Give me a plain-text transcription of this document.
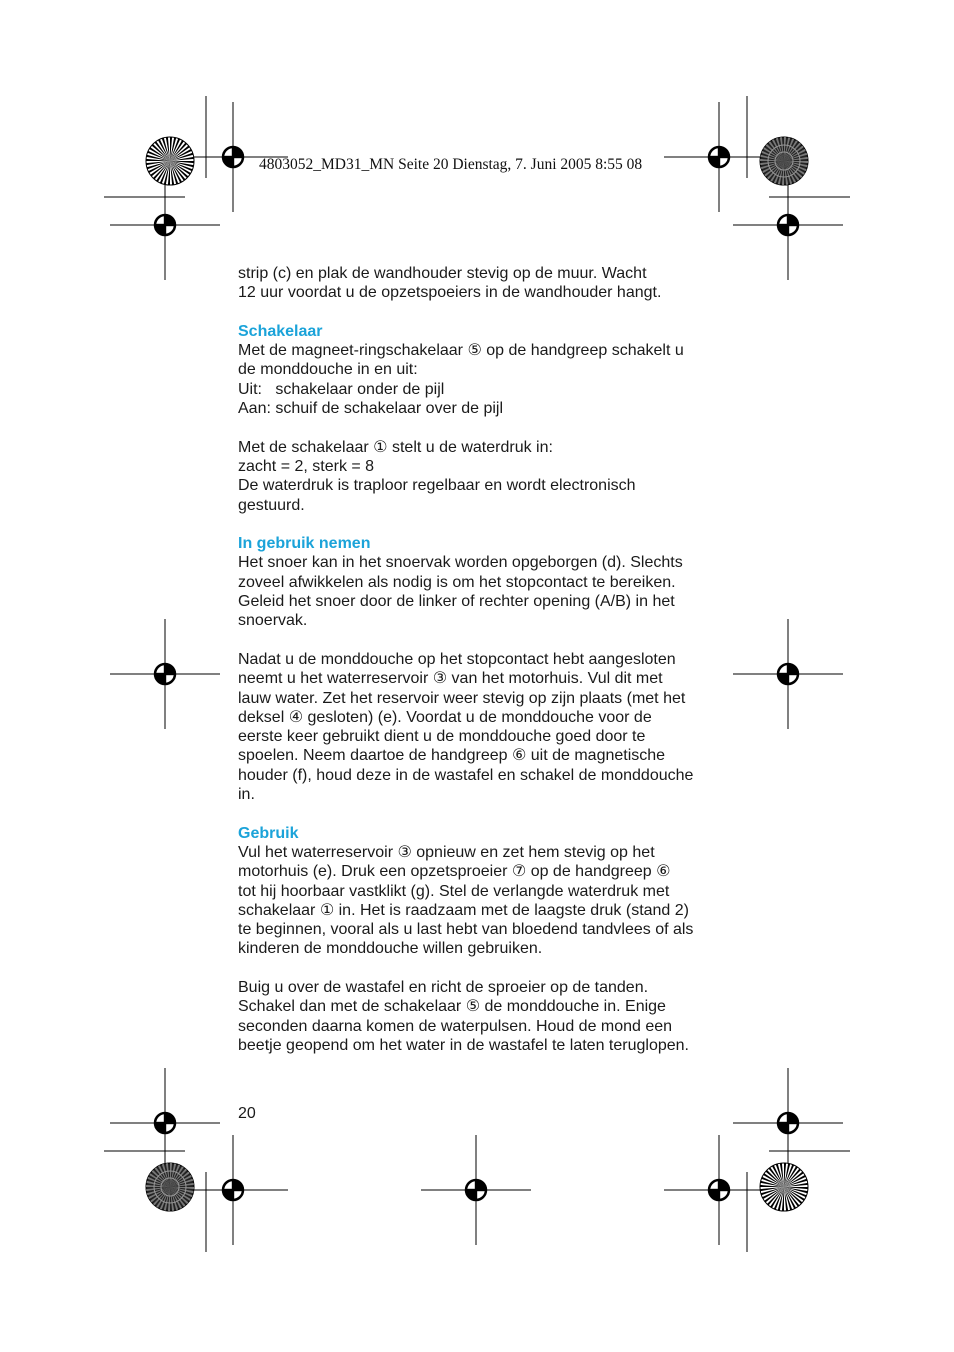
4803052_MD31_MN Seite 20 Dienstag, 7. Juni 2005 8:55 08

strip (c) en plak de wandhouder stevig op de muur. Wacht

12 uur voordat u de opzetspoeiers in de wandhouder hangt.

Schakelaar

Met de magneet-ringschakelaar ⑤ op de handgreep schakelt u

de monddouche in en uit:

Uit:   schakelaar onder de pijl

Aan: schuif de schakelaar over de pijl

Met de schakelaar ① stelt u de waterdruk in:

zacht = 2, sterk = 8

De waterdruk is traploor regelbaar en wordt electronisch

gestuurd.

In gebruik nemen

Het snoer kan in het snoervak worden opgeborgen (d). Slechts

zoveel afwikkelen als nodig is om het stopcontact te bereiken.

Geleid het snoer door de linker of rechter opening (A/B) in het

snoervak.

Nadat u de monddouche op het stopcontact hebt aangesloten

neemt u het waterreservoir ③ van het motorhuis. Vul dit met

lauw water. Zet het reservoir weer stevig op zijn plaats (met het

deksel ④ gesloten) (e). Voordat u de monddouche voor de

eerste keer gebruikt dient u de monddouche goed door te

spoelen. Neem daartoe de handgreep ⑥ uit de magnetische

houder (f), houd deze in de wastafel en schakel de monddouche

in.

Gebruik

Vul het waterreservoir ③ opnieuw en zet hem stevig op het

motorhuis (e). Druk een opzetsproeier ⑦ op de handgreep ⑥

tot hij hoorbaar vastklikt (g). Stel de verlangde waterdruk met

schakelaar ① in. Het is raadzaam met de laagste druk (stand 2)

te beginnen, vooral als u last hebt van bloedend tandvlees of als

kinderen de monddouche willen gebruiken.

Buig u over de wastafel en richt de sproeier op de tanden.

Schakel dan met de schakelaar ⑤ de monddouche in. Enige

seconden daarna komen de waterpulsen. Houd de mond een

beetje geopend om het water in de wastafel te laten teruglopen.

20
